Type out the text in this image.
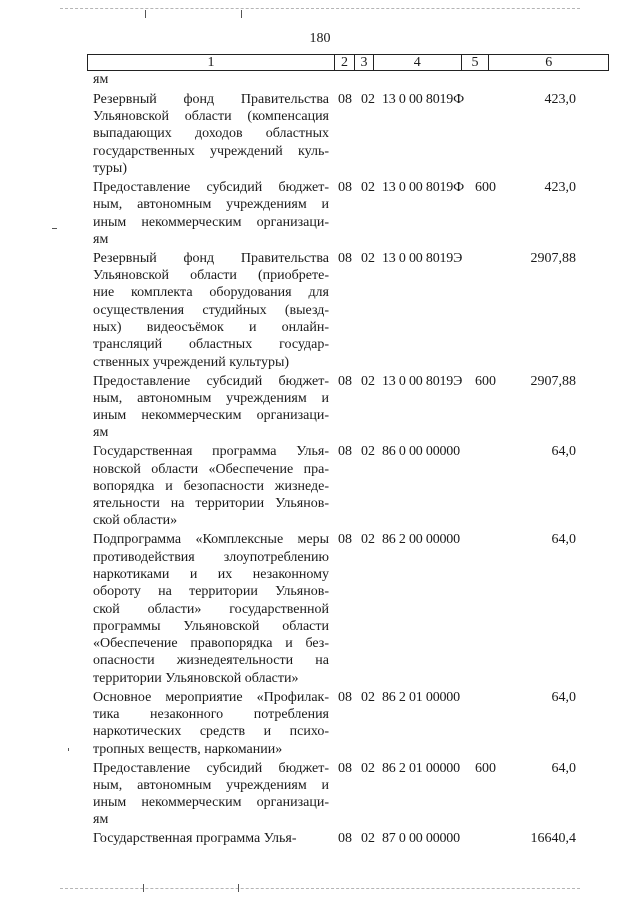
180
1	2 3	4	5	6
ям
Резервный фонд Правительства
Ульяновской области (компенсация
выпадающих доходов областных
государственных учреждений куль-
туры)
08 02 13 0 00 8019Ф	423,0
Предоставление субсидий бюджет-
ным, автономным учреждениям и
иным некоммерческим организаци-
ям
08 02 13 0 00 8019Ф 600	423,0
Резервный фонд Правительства
Ульяновской области (приобрете-
ние комплекта оборудования для
осуществления студийных (выезд-
ных) видеосъёмок и онлайн-
трансляций областных государ-
ственных учреждений культуры)
08 02 13 0 00 8019Э	2907,88
Предоставление субсидий бюджет-
ным, автономным учреждениям и
иным некоммерческим организаци-
ям
08 02 13 0 00 8019Э 600 2907,88
Государственная программа Улья-
новской области «Обеспечение пра-
вопорядка и безопасности жизнеде-
ятельности на территории Ульянов-
ской области»
08 02 86 0 00 00000	64,0
Подпрограмма «Комплексные меры
противодействия злоупотреблению
наркотиками и их незаконному
обороту на территории Ульянов-
ской области» государственной
программы Ульяновской области
«Обеспечение правопорядка и без-
опасности жизнедеятельности на
территории Ульяновской области»
08 02 86 2 00 00000	64,0
Основное мероприятие «Профилак-
тика незаконного потребления
наркотических средств и психо-
тропных веществ, наркомании»
08 02 86 2 01 00000	64,0
Предоставление субсидий бюджет-
ным, автономным учреждениям и
иным некоммерческим организаци-
ям
08 02 86 2 01 00000 600	64,0
Государственная программа Улья-	08 02 87 0 00 00000	16640,4
